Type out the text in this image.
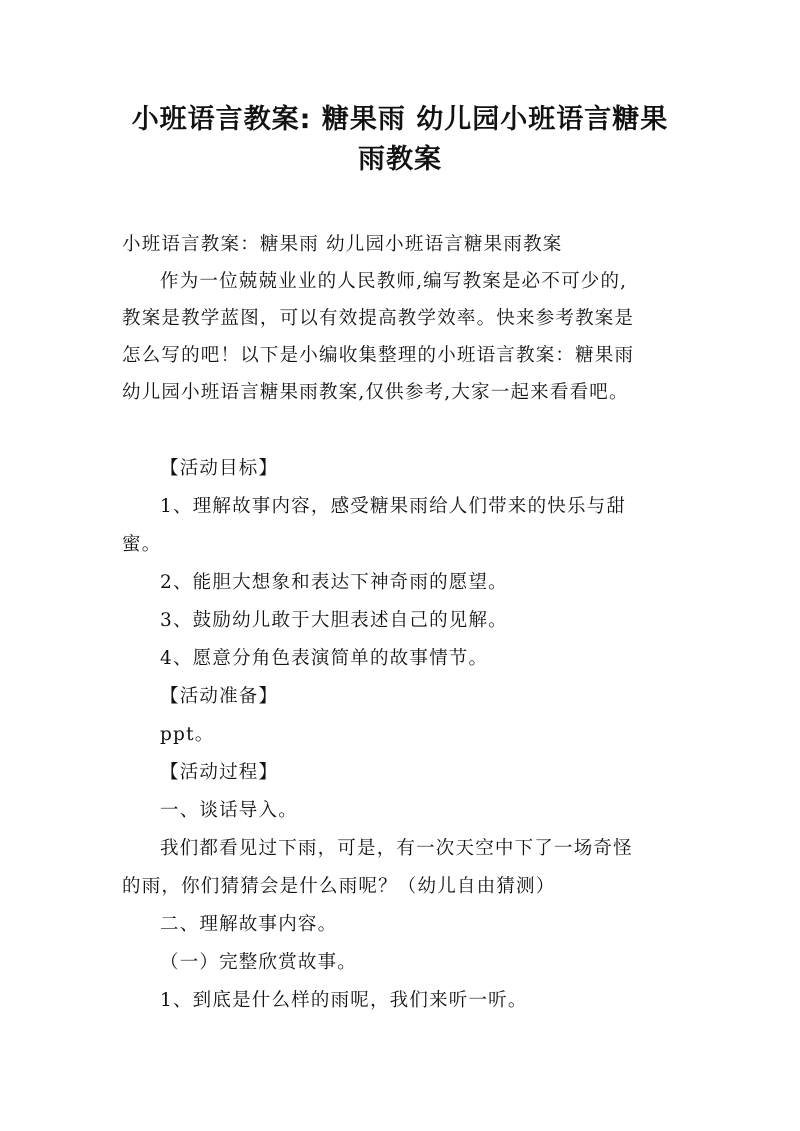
小班语言教案: 糖果雨 幼儿园小班语言糖果
雨教案
小班语言教案：糖果雨 幼儿园小班语言糖果雨教案
作为一位兢兢业业的人民教师,编写教案是必不可少的,
教案是教学蓝图，可以有效提高教学效率。快来参考教案是
怎么写的吧！以下是小编收集整理的小班语言教案：糖果雨
幼儿园小班语言糖果雨教案,仅供参考,大家一起来看看吧。
【活动目标】
1、理解故事内容，感受糖果雨给人们带来的快乐与甜
蜜。
2、能胆大想象和表达下神奇雨的愿望。
3、鼓励幼儿敢于大胆表述自己的见解。
4、愿意分角色表演简单的故事情节。
【活动准备】
ppt。
【活动过程】
一、谈话导入。
我们都看见过下雨，可是，有一次天空中下了一场奇怪
的雨，你们猜猜会是什么雨呢？（幼儿自由猜测）
二、理解故事内容。
（一）完整欣赏故事。
1、到底是什么样的雨呢，我们来听一听。
